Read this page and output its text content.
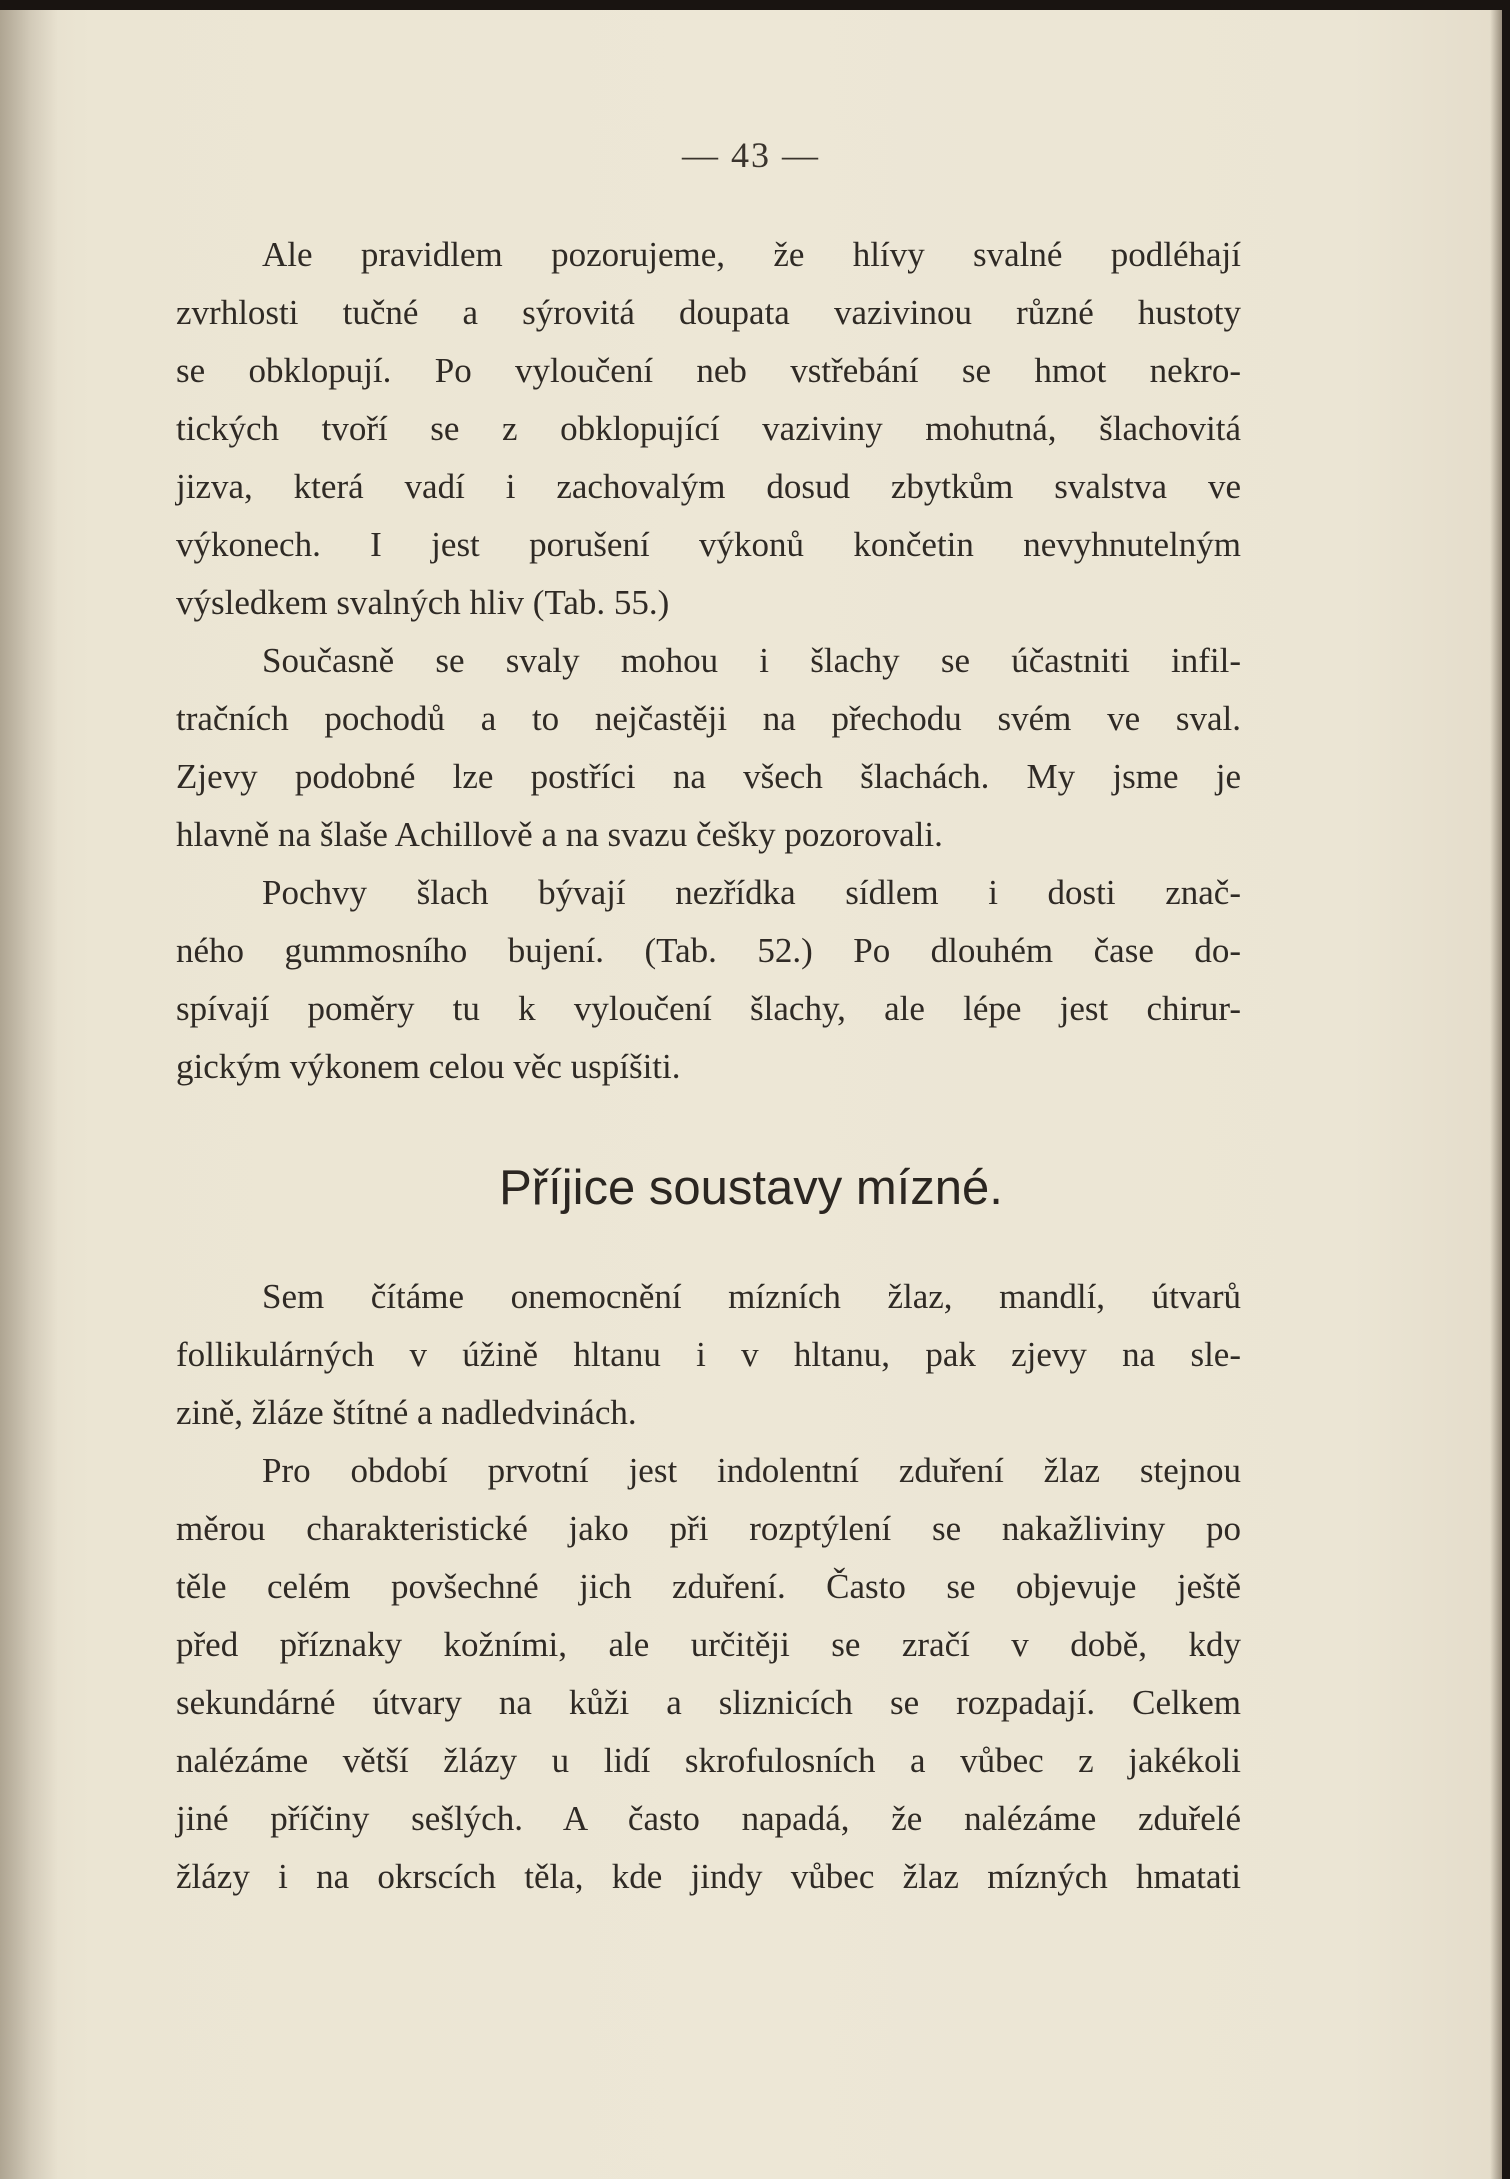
— 43 —
Ale pravidlem pozorujeme, že hlívy svalné podléhají
zvrhlosti tučné a sýrovitá doupata vazivinou různé hustoty
se obklopují. Po vyloučení neb vstřebání se hmot nekro-
tických tvoří se z obklopující vaziviny mohutná, šlachovitá
jizva, která vadí i zachovalým dosud zbytkům svalstva ve
výkonech. I jest porušení výkonů končetin nevyhnutelným
výsledkem svalných hliv (Tab. 55.)
Současně se svaly mohou i šlachy se účastniti infil-
tračních pochodů a to nejčastěji na přechodu svém ve sval.
Zjevy podobné lze postříci na všech šlachách. My jsme je
hlavně na šlaše Achillově a na svazu češky pozorovali.
Pochvy šlach bývají nezřídka sídlem i dosti znač-
ného gummosního bujení. (Tab. 52.) Po dlouhém čase do-
spívají poměry tu k vyloučení šlachy, ale lépe jest chirur-
gickým výkonem celou věc uspíšiti.
Příjice soustavy mízné.
Sem čítáme onemocnění mízních žlaz, mandlí, útvarů
follikulárných v úžině hltanu i v hltanu, pak zjevy na sle-
zině, žláze štítné a nadledvinách.
Pro období prvotní jest indolentní zduření žlaz stejnou
měrou charakteristické jako při rozptýlení se nakažliviny po
těle celém povšechné jich zduření. Často se objevuje ještě
před příznaky kožními, ale určitěji se zračí v době, kdy
sekundárné útvary na kůži a sliznicích se rozpadají. Celkem
nalézáme větší žlázy u lidí skrofulosních a vůbec z jakékoli
jiné příčiny sešlých. A často napadá, že nalézáme zduřelé
žlázy i na okrscích těla, kde jindy vůbec žlaz mízných hmatati
